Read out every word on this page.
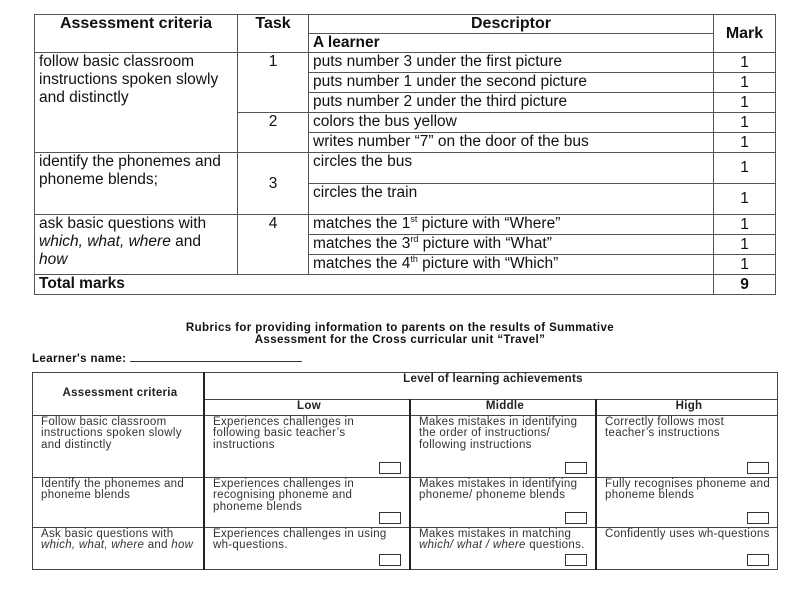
Assessment criteria	Task	Descriptor	Mark
		A learner	
follow basic classroom instructions spoken slowly and distinctly	1	puts number 3 under the first picture	1
		puts number 1 under the second picture	1
		puts number 2 under the third picture	1
	2	colors the bus yellow	1
		writes number “7” on the door of the bus	1
identify the phonemes and phoneme blends;	3	circles the bus	1
		circles the train	1
ask basic questions with which, what, where and how	4	matches the 1st picture with “Where”	1
		matches the 3rd picture with “What”	1
		matches the 4th picture with “Which”	1
Total marks			9
Rubrics for providing information to parents on the results of Summative
Assessment for the Cross curricular unit “Travel”
Learner's name:
Assessment criteria	Level of learning achievements		
	Low	Middle	High
Follow basic classroom instructions spoken slowly and distinctly	Experiences challenges in following basic teacher’s instructions	Makes mistakes in identifying the order of instructions/ following instructions	Correctly follows most teacher’s instructions

Identify the phonemes and phoneme blends	Experiences challenges in recognising phoneme and phoneme blends	Makes mistakes in identifying phoneme/ phoneme blends	Fully recognises phoneme and phoneme blends

Ask basic questions with which, what, where and how	Experiences challenges in using wh-questions.	Makes mistakes in matching which/ what / where questions.	Confidently uses wh-questions
